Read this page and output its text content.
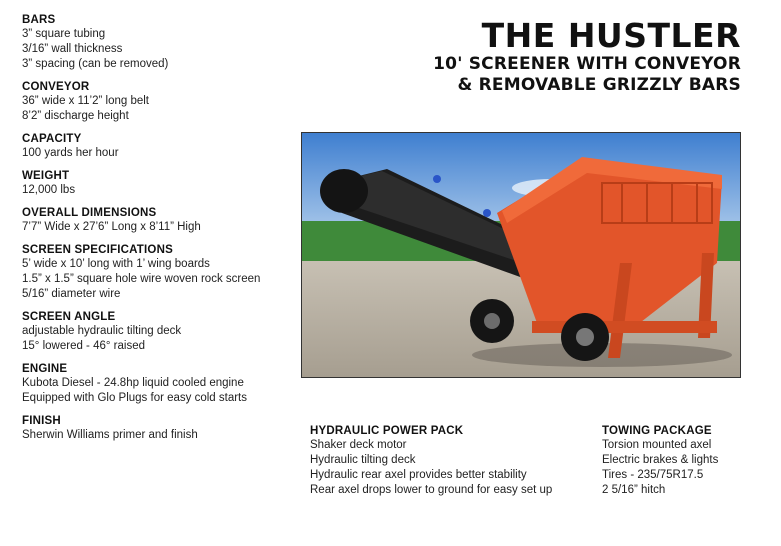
BARS

3” square tubing

3/16” wall thickness

3” spacing (can be removed)

CONVEYOR

36” wide x 11’2” long belt

8’2” discharge height

CAPACITY

100 yards her hour

WEIGHT

12,000 lbs

OVERALL DIMENSIONS

7’7” Wide x 27’6” Long x 8’11” High

SCREEN SPECIFICATIONS

5’ wide x 10’ long with 1’ wing boards

1.5” x 1.5” square hole wire woven rock screen

5/16” diameter wire

SCREEN ANGLE

adjustable hydraulic tilting deck

15° lowered - 46° raised

ENGINE

Kubota Diesel - 24.8hp liquid cooled engine

Equipped with Glo Plugs for easy cold starts

FINISH

Sherwin Williams primer and finish

THE HUSTLER
10' SCREENER WITH CONVEYOR
& REMOVABLE GRIZZLY BARS
HYDRAULIC POWER PACK

Shaker deck motor

Hydraulic tilting deck

Hydraulic rear axel provides better stability

Rear axel drops lower to ground for easy set up

TOWING PACKAGE

Torsion mounted axel

Electric brakes & lights

Tires - 235/75R17.5

2 5/16” hitch
